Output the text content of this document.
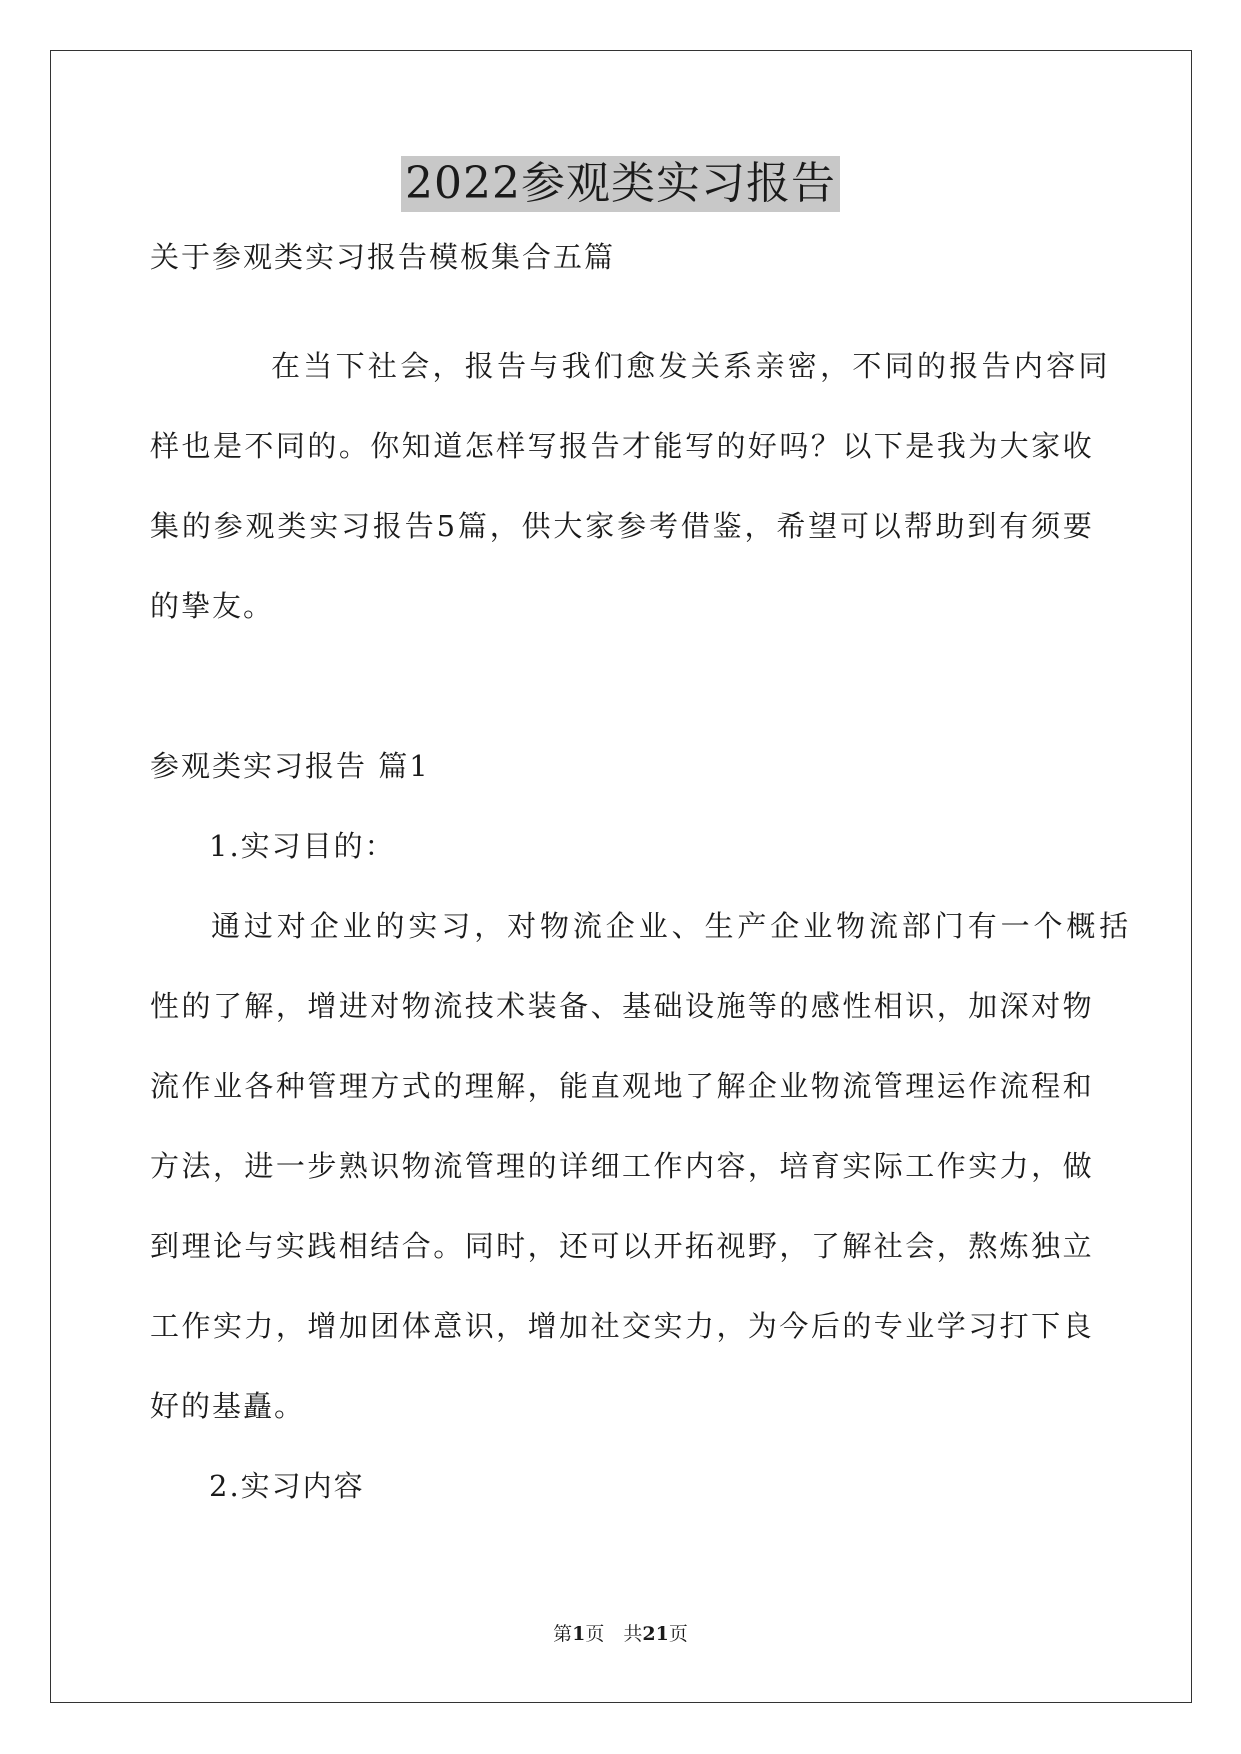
2022参观类实习报告
关于参观类实习报告模板集合五篇
在当下社会，报告与我们愈发关系亲密，不同的报告内容同
样 也 是 不 同 的 。 你 知 道 怎 样 写 报 告 才 能 写 的 好 吗 ？ 以 下 是 我 为 大 家 收
集 的 参 观 类 实 习 报 告 5 篇 ， 供 大 家 参 考 借 鉴 ， 希 望 可 以 帮 助 到 有 须 要
的挚友。
参观类实习报告 篇1
1.实习目的：
通过对企业的实习，对物流企业、生产企业物流部门有一个概括
性 的 了 解 ， 增 进 对 物 流 技 术 装 备 、 基 础 设 施 等 的 感 性 相 识 ， 加 深 对 物
流 作 业 各 种 管 理 方 式 的 理 解 ， 能 直 观 地 了 解 企 业 物 流 管 理 运 作 流 程 和
方 法 ， 进 一 步 熟 识 物 流 管 理 的 详 细 工 作 内 容 ， 培 育 实 际 工 作 实 力 ， 做
到 理 论 与 实 践 相 结 合 。 同 时 ， 还 可 以 开 拓 视 野 ， 了 解 社 会 ， 熬 炼 独 立
工 作 实 力 ， 增 加 团 体 意 识 ， 增 加 社 交 实 力 ， 为 今 后 的 专 业 学 习 打 下 良
好的基矗。
2.实习内容
第1页　共21页
